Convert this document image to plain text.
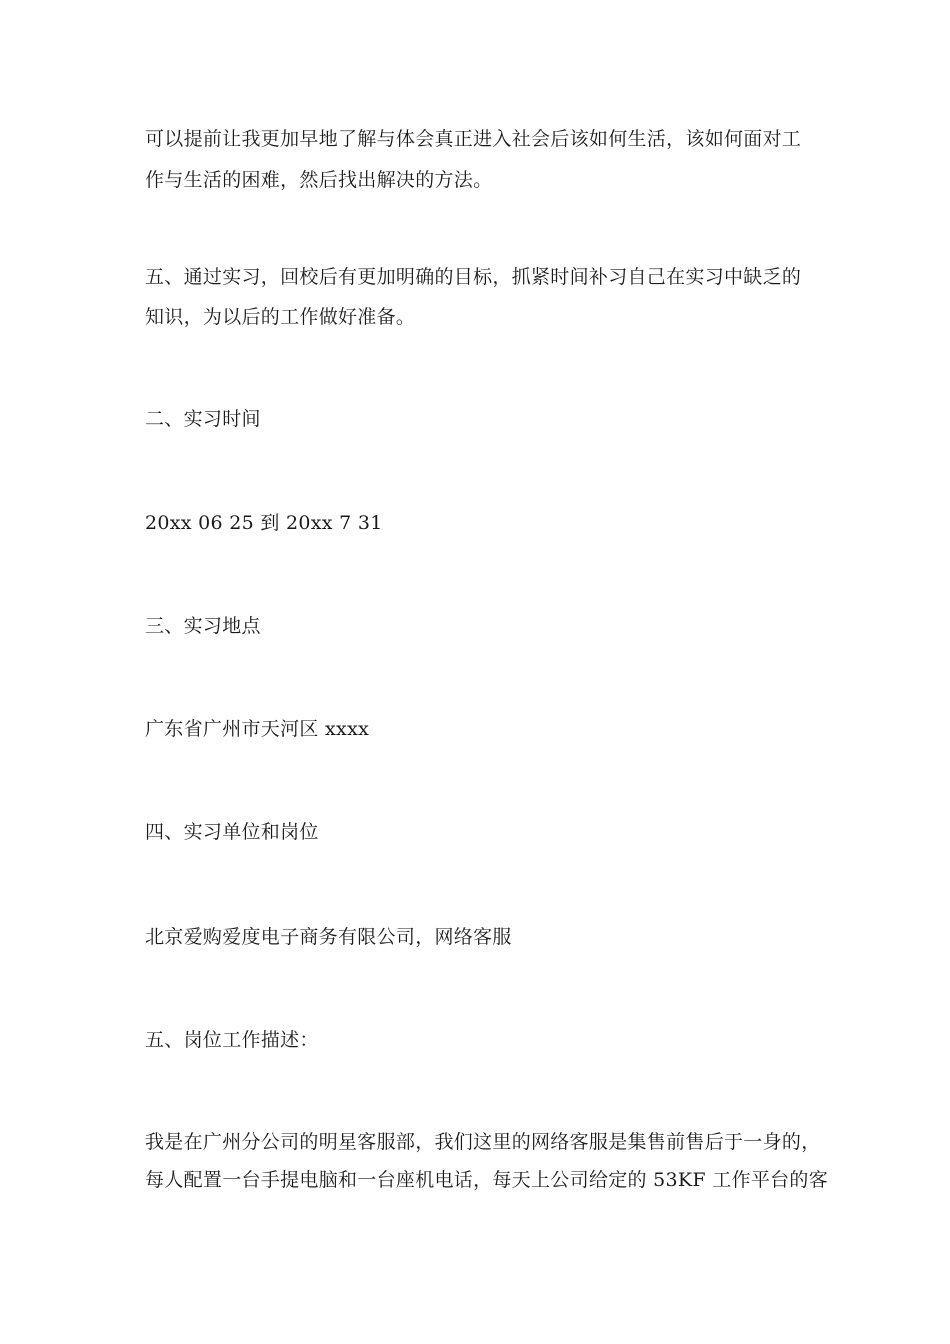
可以提前让我更加早地了解与体会真正进入社会后该如何生活，该如何面对工
作与生活的困难，然后找出解决的方法。
五、通过实习，回校后有更加明确的目标，抓紧时间补习自己在实习中缺乏的
知识，为以后的工作做好准备。
二、实习时间
20xx 06 25 到 20xx 7 31
三、实习地点
广东省广州市天河区 xxxx
四、实习单位和岗位
北京爱购爱度电子商务有限公司，网络客服
五、岗位工作描述：
我是在广州分公司的明星客服部，我们这里的网络客服是集售前售后于一身的，
每人配置一台手提电脑和一台座机电话，每天上公司给定的 53KF 工作平台的客
